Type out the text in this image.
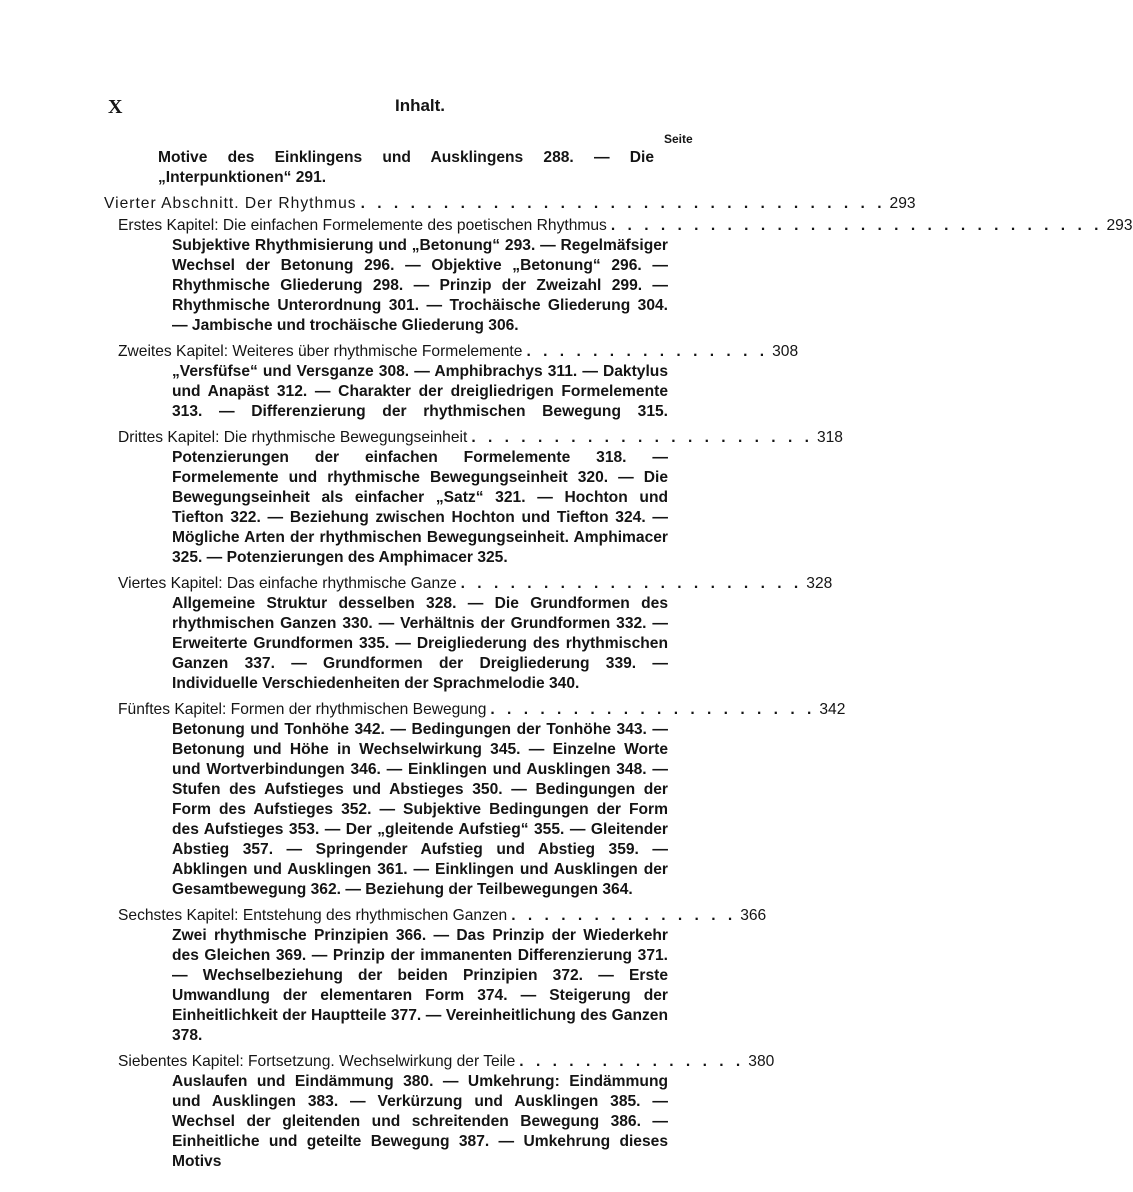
X	Inhalt.
Seite
Motive des Einklingens und Ausklingens 288. — Die „Interpunktionen“ 291.
Vierter Abschnitt. Der Rhythmus . . . . . . . . . . . . . . . . . . . . . . . . . . . . . . . . 293
Erstes Kapitel: Die einfachen Formelemente des poetischen Rhythmus . . . . . . . . . . . . . . . . . . . . . . . . . . . . . . 293
Subjektive Rhythmisierung und „Betonung“ 293. — Regelmäfsiger Wechsel der Betonung 296. — Objektive „Betonung“ 296. — Rhythmische Gliederung 298. — Prinzip der Zweizahl 299. — Rhythmische Unterordnung 301. — Trochäische Gliederung 304. — Jambische und trochäische Gliederung 306.
Zweites Kapitel: Weiteres über rhythmische Formelemente . . . . . . . . . . . . . . . 308
„Versfüfse“ und Versganze 308. — Amphibrachys 311. — Daktylus und Anapäst 312. — Charakter der dreigliedrigen Formelemente 313. — Differenzierung der rhythmischen Bewegung 315.
Drittes Kapitel: Die rhythmische Bewegungseinheit . . . . . . . . . . . . . . . . . . . . . 318
Potenzierungen der einfachen Formelemente 318. — Formelemente und rhythmische Bewegungseinheit 320. — Die Bewegungseinheit als einfacher „Satz“ 321. — Hochton und Tiefton 322. — Beziehung zwischen Hochton und Tiefton 324. — Mögliche Arten der rhythmischen Bewegungseinheit. Amphimacer 325. — Potenzierungen des Amphimacer 325.
Viertes Kapitel: Das einfache rhythmische Ganze . . . . . . . . . . . . . . . . . . . . . 328
Allgemeine Struktur desselben 328. — Die Grundformen des rhythmischen Ganzen 330. — Verhältnis der Grundformen 332. — Erweiterte Grundformen 335. — Dreigliederung des rhythmischen Ganzen 337. — Grundformen der Dreigliederung 339. — Individuelle Verschiedenheiten der Sprachmelodie 340.
Fünftes Kapitel: Formen der rhythmischen Bewegung . . . . . . . . . . . . . . . . . . . . 342
Betonung und Tonhöhe 342. — Bedingungen der Tonhöhe 343. — Betonung und Höhe in Wechselwirkung 345. — Einzelne Worte und Wortverbindungen 346. — Einklingen und Ausklingen 348. — Stufen des Aufstieges und Abstieges 350. — Bedingungen der Form des Aufstieges 352. — Subjektive Bedingungen der Form des Aufstieges 353. — Der „gleitende Aufstieg“ 355. — Gleitender Abstieg 357. — Springender Aufstieg und Abstieg 359. — Abklingen und Ausklingen 361. — Einklingen und Ausklingen der Gesamtbewegung 362. — Beziehung der Teilbewegungen 364.
Sechstes Kapitel: Entstehung des rhythmischen Ganzen . . . . . . . . . . . . . . 366
Zwei rhythmische Prinzipien 366. — Das Prinzip der Wiederkehr des Gleichen 369. — Prinzip der immanenten Differenzierung 371. — Wechselbeziehung der beiden Prinzipien 372. — Erste Umwandlung der elementaren Form 374. — Steigerung der Einheitlichkeit der Hauptteile 377. — Vereinheitlichung des Ganzen 378.
Siebentes Kapitel: Fortsetzung. Wechselwirkung der Teile . . . . . . . . . . . . . . 380
Auslaufen und Eindämmung 380. — Umkehrung: Eindämmung und Ausklingen 383. — Verkürzung und Ausklingen 385. — Wechsel der gleitenden und schreitenden Bewegung 386. — Einheitliche und geteilte Bewegung 387. — Umkehrung dieses Motivs
